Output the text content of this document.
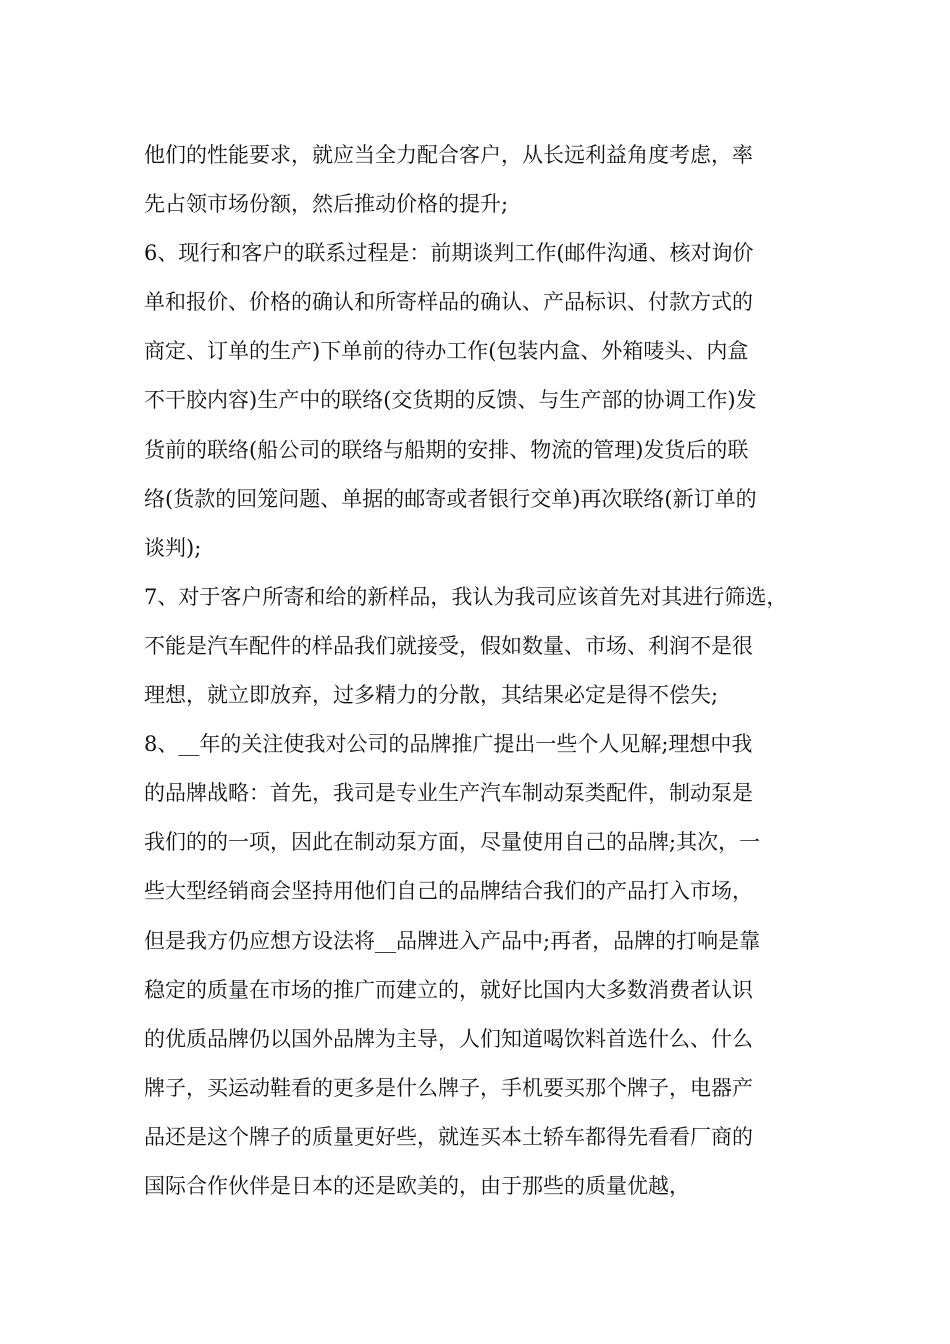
他们的性能要求，就应当全力配合客户，从长远利益角度考虑，率
先占领市场份额，然后推动价格的提升;
6、现行和客户的联系过程是：前期谈判工作(邮件沟通、核对询价
单和报价、价格的确认和所寄样品的确认、产品标识、付款方式的
商定、订单的生产)下单前的待办工作(包装内盒、外箱唛头、内盒
不干胶内容)生产中的联络(交货期的反馈、与生产部的协调工作)发
货前的联络(船公司的联络与船期的安排、物流的管理)发货后的联
络(货款的回笼问题、单据的邮寄或者银行交单)再次联络(新订单的
谈判);
7、对于客户所寄和给的新样品，我认为我司应该首先对其进行筛选，
不能是汽车配件的样品我们就接受，假如数量、市场、利润不是很
理想，就立即放弃，过多精力的分散，其结果必定是得不偿失;
8、__年的关注使我对公司的品牌推广提出一些个人见解;理想中我
的品牌战略：首先，我司是专业生产汽车制动泵类配件，制动泵是
我们的的一项，因此在制动泵方面，尽量使用自己的品牌;其次，一
些大型经销商会坚持用他们自己的品牌结合我们的产品打入市场，
但是我方仍应想方设法将__品牌进入产品中;再者，品牌的打响是靠
稳定的质量在市场的推广而建立的，就好比国内大多数消费者认识
的优质品牌仍以国外品牌为主导，人们知道喝饮料首选什么、什么
牌子，买运动鞋看的更多是什么牌子，手机要买那个牌子，电器产
品还是这个牌子的质量更好些，就连买本土轿车都得先看看厂商的
国际合作伙伴是日本的还是欧美的，由于那些的质量优越，
